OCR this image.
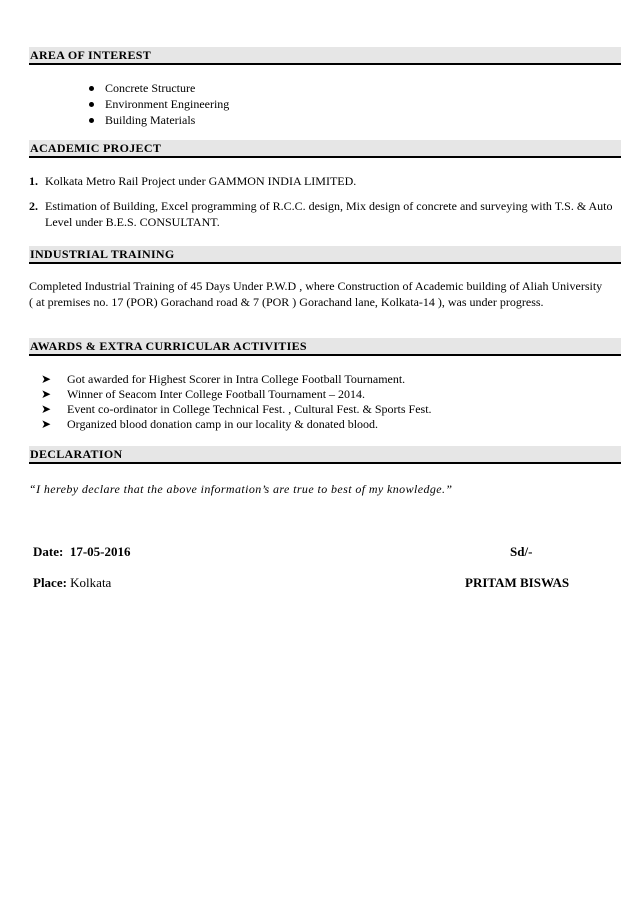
AREA OF INTEREST
Concrete Structure
Environment Engineering
Building Materials
ACADEMIC PROJECT
1. Kolkata Metro Rail Project under GAMMON INDIA LIMITED.
2. Estimation of Building, Excel programming of R.C.C. design, Mix design of concrete and surveying with T.S. & Auto Level under B.E.S. CONSULTANT.
INDUSTRIAL TRAINING

Completed Industrial Training of 45 Days Under P.W.D , where Construction of Academic building of Aliah University ( at premises no. 17 (POR) Gorachand road & 7 (POR ) Gorachand lane, Kolkata-14 ), was under progress.

AWARDS & EXTRA CURRICULAR ACTIVITIES
➤ Got awarded for Highest Scorer in Intra College Football Tournament.
➤ Winner of Seacom Inter College Football Tournament – 2014.
➤ Event co-ordinator in College Technical Fest. , Cultural Fest. & Sports Fest.
➤ Organized blood donation camp in our locality & donated blood.
DECLARATION
“I hereby declare that the above information’s are true to best of my knowledge.”
Date: 17-05-2016	Sd/-
Place: Kolkata	PRITAM BISWAS
